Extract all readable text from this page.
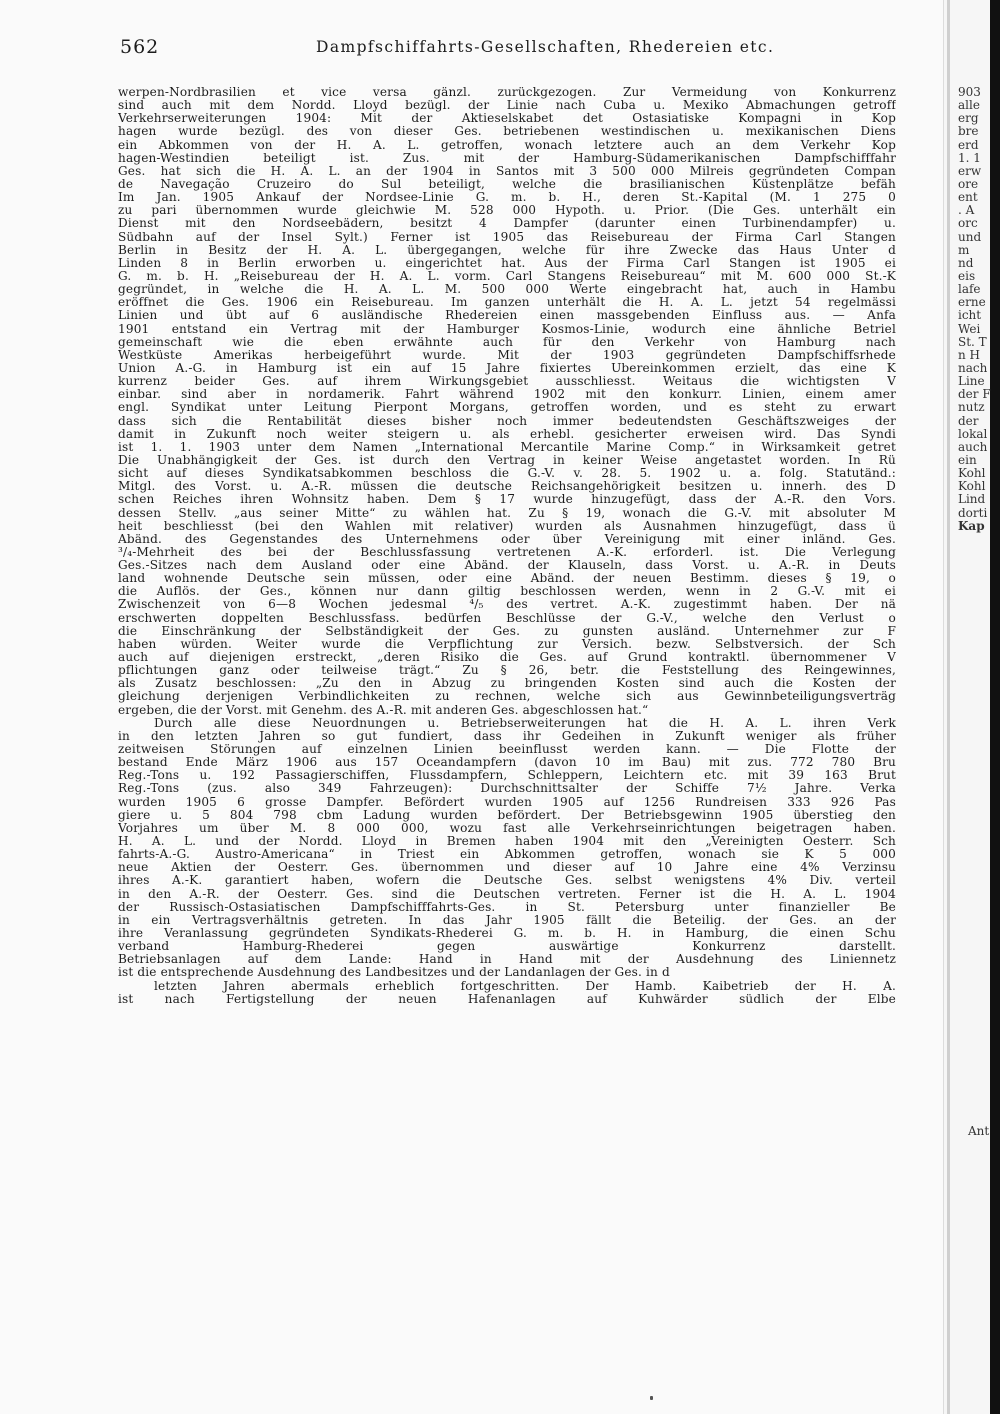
562	Dampfschiffahrts-Gesellschaften, Rhedereien etc.
werpen-Nordbrasilien et vice versa gänzl. zurückgezogen. Zur Vermeidung von Konkurrenz
sind auch mit dem Nordd. Lloyd bezügl. der Linie nach Cuba u. Mexiko Abmachungen getroff
Verkehrserweiterungen 1904: Mit der Aktieselskabet det Ostasiatiske Kompagni in Kop
hagen wurde bezügl. des von dieser Ges. betriebenen westindischen u. mexikanischen Diens
ein Abkommen von der H. A. L. getroffen, wonach letztere auch an dem Verkehr Kop
hagen-Westindien beteiligt ist. Zus. mit der Hamburg-Südamerikanischen Dampfschifffahr
Ges. hat sich die H. A. L. an der 1904 in Santos mit 3 500 000 Milreis gegründeten Compan
de Navegação Cruzeiro do Sul beteiligt, welche die brasilianischen Küstenplätze befäh
Im Jan. 1905 Ankauf der Nordsee-Linie G. m. b. H., deren St.-Kapital (M. 1 275 0
zu pari übernommen wurde gleichwie M. 528 000 Hypoth. u. Prior. (Die Ges. unterhält ein
Dienst mit den Nordseebädern, besitzt 4 Dampfer (darunter einen Turbinendampfer) u.
Südbahn auf der Insel Sylt.) Ferner ist 1905 das Reisebureau der Firma Carl Stangen
Berlin in Besitz der H. A. L. übergegangen, welche für ihre Zwecke das Haus Unter d
Linden 8 in Berlin erworben u. eingerichtet hat. Aus der Firma Carl Stangen ist 1905 ei
G. m. b. H. „Reisebureau der H. A. L. vorm. Carl Stangens Reisebureau“ mit M. 600 000 St.-K
gegründet, in welche die H. A. L. M. 500 000 Werte eingebracht hat, auch in Hambu
eröffnet die Ges. 1906 ein Reisebureau. Im ganzen unterhält die H. A. L. jetzt 54 regelmässi
Linien und übt auf 6 ausländische Rhedereien einen massgebenden Einfluss aus. — Anfa
1901 entstand ein Vertrag mit der Hamburger Kosmos-Linie, wodurch eine ähnliche Betriel
gemeinschaft wie die eben erwähnte auch für den Verkehr von Hamburg nach
Westküste Amerikas herbeigeführt wurde. Mit der 1903 gegründeten Dampfschiffsrhede
Union A.-G. in Hamburg ist ein auf 15 Jahre fixiertes Übereinkommen erzielt, das eine K
kurrenz beider Ges. auf ihrem Wirkungsgebiet ausschliesst. Weitaus die wichtigsten V
einbar. sind aber in nordamerik. Fahrt während 1902 mit den konkurr. Linien, einem amer
engl. Syndikat unter Leitung Pierpont Morgans, getroffen worden, und es steht zu erwart
dass sich die Rentabilität dieses bisher noch immer bedeutendsten Geschäftszweiges der
damit in Zukunft noch weiter steigern u. als erhebl. gesicherter erweisen wird. Das Syndi
ist 1. 1. 1903 unter dem Namen „International Mercantile Marine Comp.“ in Wirksamkeit getret
Die Unabhängigkeit der Ges. ist durch den Vertrag in keiner Weise angetastet worden. In Rü
sicht auf dieses Syndikatsabkommen beschloss die G.-V. v. 28. 5. 1902 u. a. folg. Statutänd.:
Mitgl. des Vorst. u. A.-R. müssen die deutsche Reichsangehörigkeit besitzen u. innerh. des D
schen Reiches ihren Wohnsitz haben. Dem § 17 wurde hinzugefügt, dass der A.-R. den Vors.
dessen Stellv. „aus seiner Mitte“ zu wählen hat. Zu § 19, wonach die G.-V. mit absoluter M
heit beschliesst (bei den Wahlen mit relativer) wurden als Ausnahmen hinzugefügt, dass ü
Abänd. des Gegenstandes des Unternehmens oder über Vereinigung mit einer inländ. Ges.
³/₄-Mehrheit des bei der Beschlussfassung vertretenen A.-K. erforderl. ist. Die Verlegung
Ges.-Sitzes nach dem Ausland oder eine Abänd. der Klauseln, dass Vorst. u. A.-R. in Deuts
land wohnende Deutsche sein müssen, oder eine Abänd. der neuen Bestimm. dieses § 19, o
die Auflös. der Ges., können nur dann giltig beschlossen werden, wenn in 2 G.-V. mit ei
Zwischenzeit von 6—8 Wochen jedesmal ⁴/₅ des vertret. A.-K. zugestimmt haben. Der nä
erschwerten doppelten Beschlussfass. bedürfen Beschlüsse der G.-V., welche den Verlust o
die Einschränkung der Selbständigkeit der Ges. zu gunsten ausländ. Unternehmer zur F
haben würden. Weiter wurde die Verpflichtung zur Versich. bezw. Selbstversich. der Sch
auch auf diejenigen erstreckt, „deren Risiko die Ges. auf Grund kontraktl. übernommener V
pflichtungen ganz oder teilweise trägt.“ Zu § 26, betr. die Feststellung des Reingewinnes,
als Zusatz beschlossen: „Zu den in Abzug zu bringenden Kosten sind auch die Kosten der
gleichung derjenigen Verbindlichkeiten zu rechnen, welche sich aus Gewinnbeteiligungsverträg
ergeben, die der Vorst. mit Genehm. des A.-R. mit anderen Ges. abgeschlossen hat.“
Durch alle diese Neuordnungen u. Betriebserweiterungen hat die H. A. L. ihren Verk
in den letzten Jahren so gut fundiert, dass ihr Gedeihen in Zukunft weniger als früher
zeitweisen Störungen auf einzelnen Linien beeinflusst werden kann. — Die Flotte der
bestand Ende März 1906 aus 157 Oceandampfern (davon 10 im Bau) mit zus. 772 780 Bru
Reg.-Tons u. 192 Passagierschiffen, Flussdampfern, Schleppern, Leichtern etc. mit 39 163 Brut
Reg.-Tons (zus. also 349 Fahrzeugen): Durchschnittsalter der Schiffe 7½ Jahre. Verka
wurden 1905 6 grosse Dampfer. Befördert wurden 1905 auf 1256 Rundreisen 333 926 Pas
giere u. 5 804 798 cbm Ladung wurden befördert. Der Betriebsgewinn 1905 überstieg den
Vorjahres um über M. 8 000 000, wozu fast alle Verkehrseinrichtungen beigetragen haben.
H. A. L. und der Nordd. Lloyd in Bremen haben 1904 mit den „Vereinigten Oesterr. Sch
fahrts-A.-G. Austro-Americana“ in Triest ein Abkommen getroffen, wonach sie K 5 000
neue Aktien der Oesterr. Ges. übernommen und dieser auf 10 Jahre eine 4% Verzinsu
ihres A.-K. garantiert haben, wofern die Deutsche Ges. selbst wenigstens 4% Div. verteil
in den A.-R. der Oesterr. Ges. sind die Deutschen vertreten. Ferner ist die H. A. L. 1904
der Russisch-Ostasiatischen Dampfschifffahrts-Ges. in St. Petersburg unter finanzieller Be
in ein Vertragsverhältnis getreten. In das Jahr 1905 fällt die Beteilig. der Ges. an der
ihre Veranlassung gegründeten Syndikats-Rhederei G. m. b. H. in Hamburg, die einen Schu
verband Hamburg-Rhederei gegen auswärtige Konkurrenz darstellt.
Betriebsanlagen auf dem Lande: Hand in Hand mit der Ausdehnung des Liniennetz
ist die entsprechende Ausdehnung des Landbesitzes und der Landanlagen der Ges. in d
letzten Jahren abermals erheblich fortgeschritten. Der Hamb. Kaibetrieb der H. A.
ist nach Fertigstellung der neuen Hafenanlagen auf Kuhwärder südlich der Elbe
903
alle
erg
bre
erd
1. 1
erw
ore
ent
. A
orc
und
m
nd
eis
lafe
erne
icht
Wei
St. T
n H
nach
Line
der F
nutz
der
lokal
auch
ein
Kohl
Kohl
Lind
dorti
Kap
Ant
